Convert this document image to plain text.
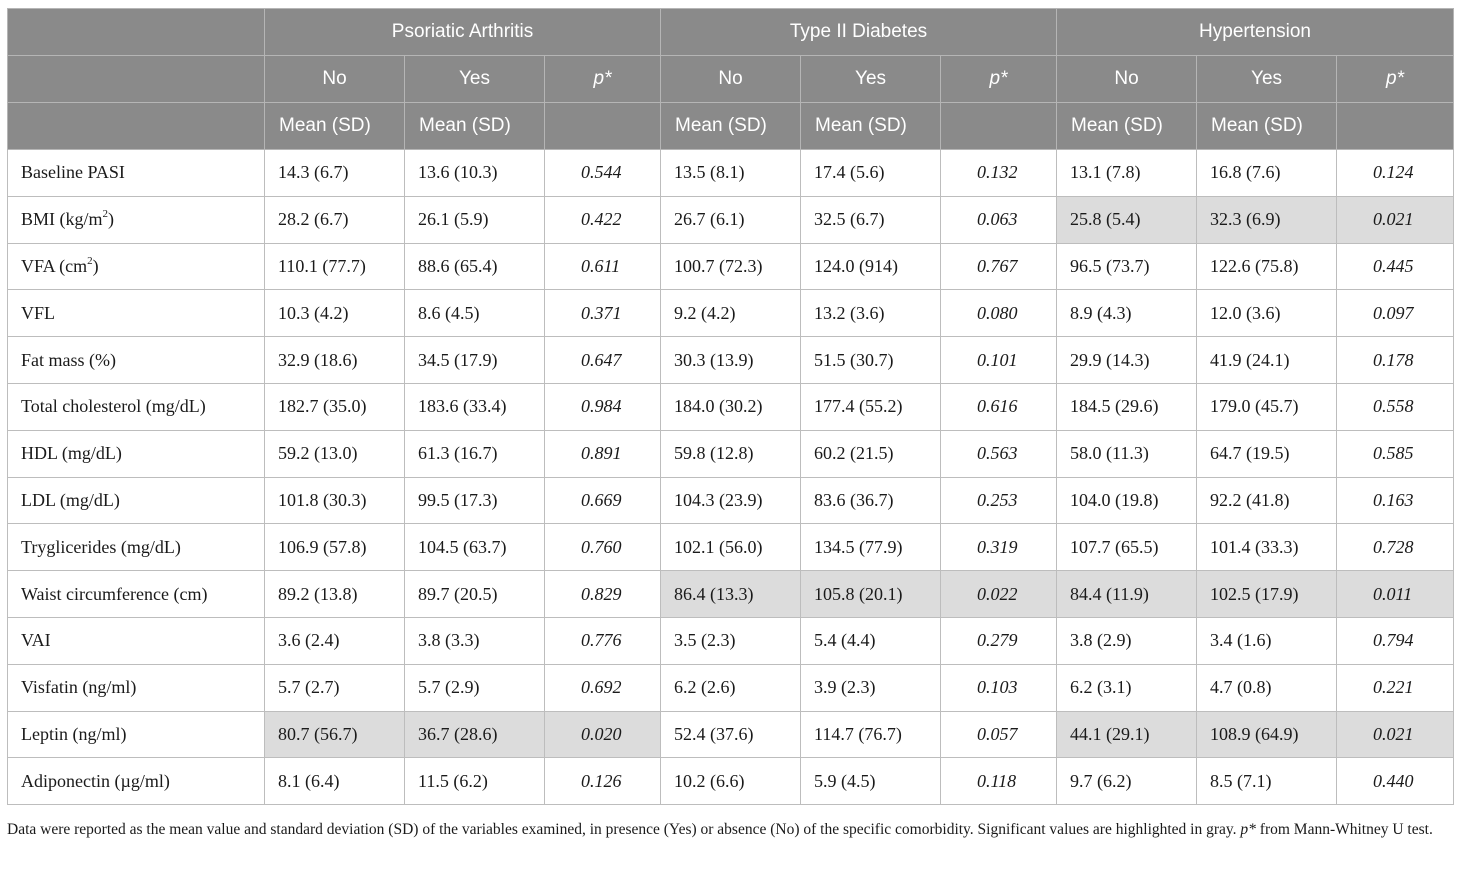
	Psoriatic Arthritis			Type II Diabetes			Hypertension		
	No	Yes	p*	No	Yes	p*	No	Yes	p*
	Mean (SD)	Mean (SD)		Mean (SD)	Mean (SD)		Mean (SD)	Mean (SD)	
Baseline PASI	14.3 (6.7)	13.6 (10.3)	0.544	13.5 (8.1)	17.4 (5.6)	0.132	13.1 (7.8)	16.8 (7.6)	0.124
BMI $(kg/m^2)$	28.2 (6.7)	26.1 (5.9)	0.422	26.7 (6.1)	32.5 (6.7)	0.063	25.8 (5.4)	32.3 (6.9)	0.021
VFA $(cm^2)$	110.1 (77.7)	88.6 (65.4)	0.611	100.7 (72.3)	124.0 (914)	0.767	96.5 (73.7)	122.6 (75.8)	0.445
VFL	10.3 (4.2)	8.6 (4.5)	0.371	9.2 (4.2)	13.2 (3.6)	0.080	8.9 (4.3)	12.0 (3.6)	0.097
Fat mass (%)	32.9 (18.6)	34.5 (17.9)	0.647	30.3 (13.9)	51.5 (30.7)	0.101	29.9 (14.3)	41.9 (24.1)	0.178
Total cholesterol (mg/dL)	182.7 (35.0)	183.6 (33.4)	0.984	184.0 (30.2)	177.4 (55.2)	0.616	184.5 (29.6)	179.0 (45.7)	0.558
HDL (mg/dL)	59.2 (13.0)	61.3 (16.7)	0.891	59.8 (12.8)	60.2 (21.5)	0.563	58.0 (11.3)	64.7 (19.5)	0.585
LDL (mg/dL)	101.8 (30.3)	99.5 (17.3)	0.669	104.3 (23.9)	83.6 (36.7)	0.253	104.0 (19.8)	92.2 (41.8)	0.163
Tryglicerides (mg/dL)	106.9 (57.8)	104.5 (63.7)	0.760	102.1 (56.0)	134.5 (77.9)	0.319	107.7 (65.5)	101.4 (33.3)	0.728
Waist circumference (cm)	89.2 (13.8)	89.7 (20.5)	0.829	86.4 (13.3)	105.8 (20.1)	0.022	84.4 (11.9)	102.5 (17.9)	0.011
VAI	3.6 (2.4)	3.8 (3.3)	0.776	3.5 (2.3)	5.4 (4.4)	0.279	3.8 (2.9)	3.4 (1.6)	0.794
Visfatin (ng/ml)	5.7 (2.7)	5.7 (2.9)	0.692	6.2 (2.6)	3.9 (2.3)	0.103	6.2 (3.1)	4.7 (0.8)	0.221
Leptin (ng/ml)	80.7 (56.7)	36.7 (28.6)	0.020	52.4 (37.6)	114.7 (76.7)	0.057	44.1 (29.1)	108.9 (64.9)	0.021
Adiponectin (µg/ml)	8.1 (6.4)	11.5 (6.2)	0.126	10.2 (6.6)	5.9 (4.5)	0.118	9.7 (6.2)	8.5 (7.1)	0.440
Data were reported as the mean value and standard deviation (SD) of the variables examined, in presence (Yes) or absence (No) of the specific comorbidity. Significant values are highlighted in gray. p* from Mann-Whitney U test.
